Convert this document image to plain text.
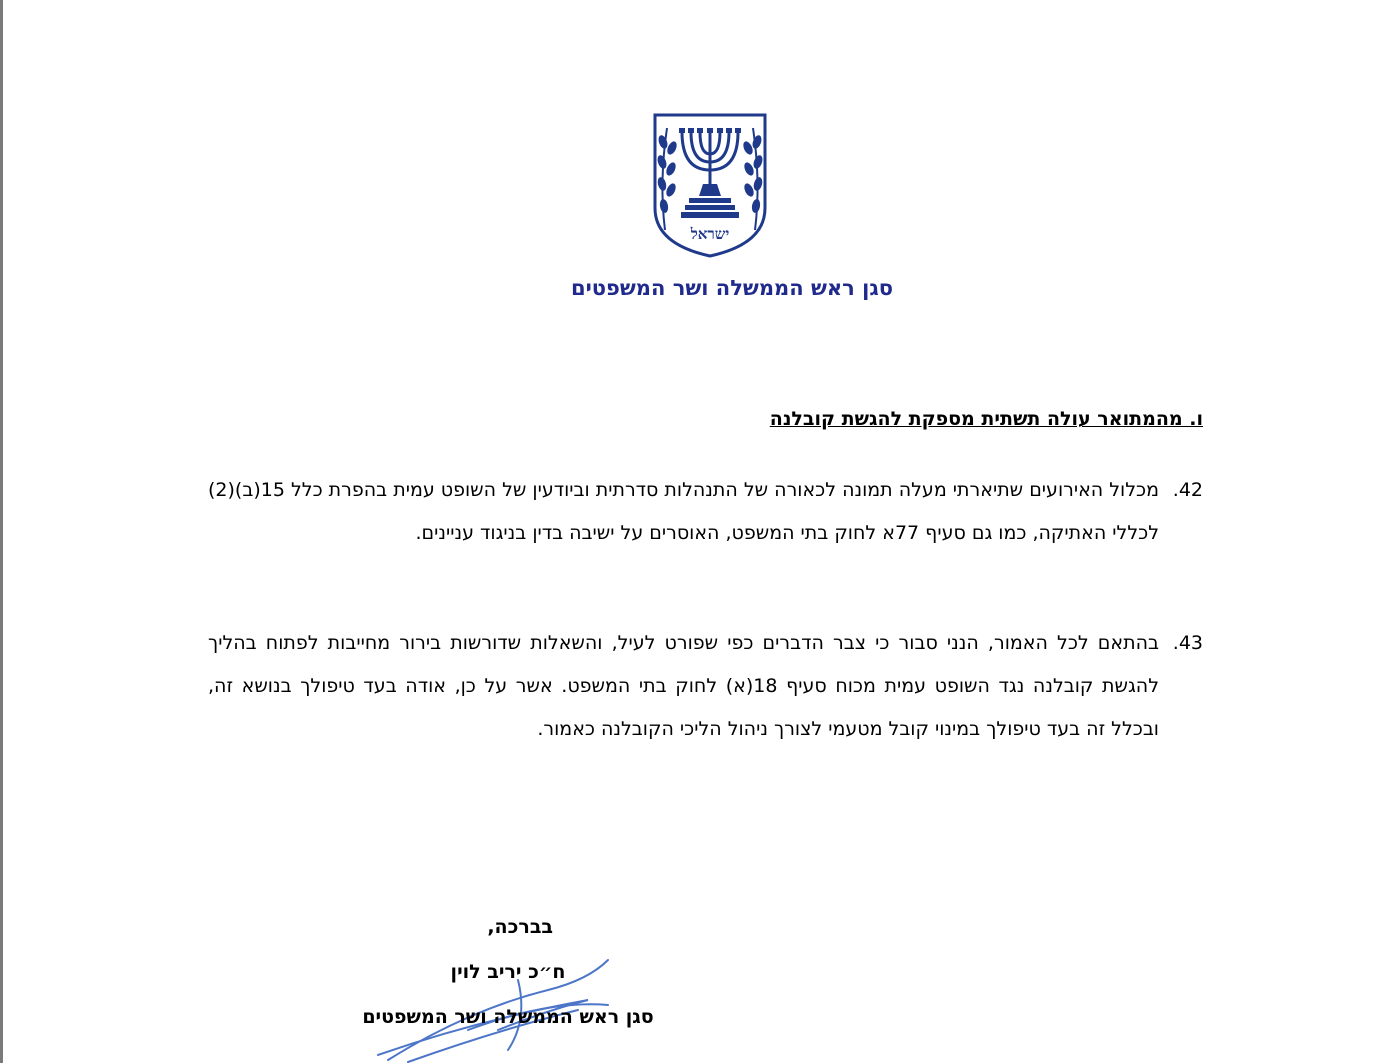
ישראל
סגן ראש הממשלה ושר המשפטים
ו. מהמתואר עולה תשתית מספקת להגשת קובלנה
42.
מכלול האירועים שתיארתי מעלה תמונה לכאורה של התנהלות סדרתית וביודעין של השופט עמית בהפרת כלל 15(ב)(2) לכללי האתיקה, כמו גם סעיף 77א לחוק בתי המשפט, האוסרים על ישיבה בדין בניגוד עניינים.
43.
בהתאם לכל האמור, הנני סבור כי צבר הדברים כפי שפורט לעיל, והשאלות שדורשות בירור מחייבות לפתוח בהליך להגשת קובלנה נגד השופט עמית מכוח סעיף 18(א) לחוק בתי המשפט. אשר על כן, אודה בעד טיפולך בנושא זה, ובכלל זה בעד טיפולך במינוי קובל מטעמי לצורך ניהול הליכי הקובלנה כאמור.
בברכה,
ח״כ יריב לוין
סגן ראש הממשלה ושר המשפטים
